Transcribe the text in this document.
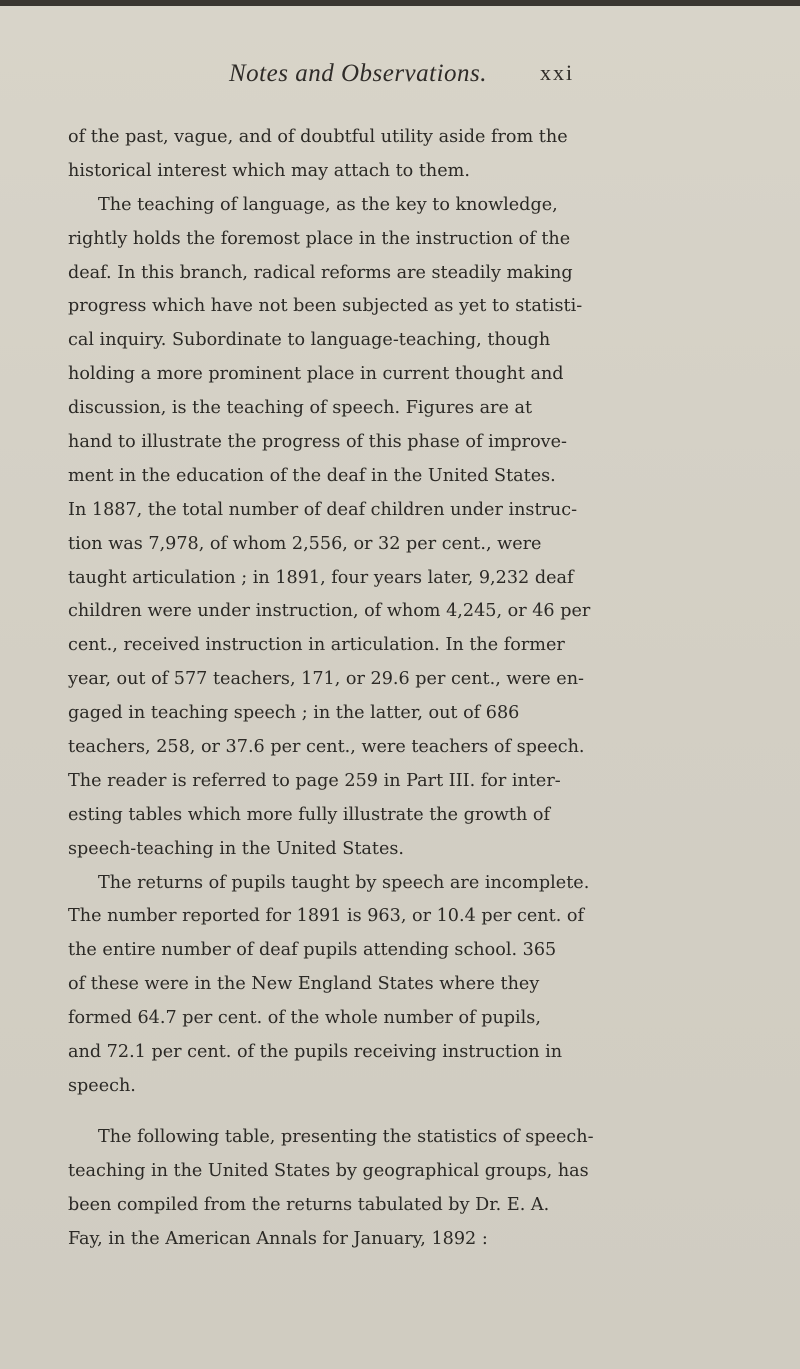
Notes and Observations. xxi
of the past, vague, and of doubtful utility aside from the
historical interest which may attach to them.
The teaching of language, as the key to knowledge,
rightly holds the foremost place in the instruction of the
deaf. In this branch, radical reforms are steadily making
progress which have not been subjected as yet to statisti-
cal inquiry. Subordinate to language-teaching, though
holding a more prominent place in current thought and
discussion, is the teaching of speech. Figures are at
hand to illustrate the progress of this phase of improve-
ment in the education of the deaf in the United States.
In 1887, the total number of deaf children under instruc-
tion was 7,978, of whom 2,556, or 32 per cent., were
taught articulation ; in 1891, four years later, 9,232 deaf
children were under instruction, of whom 4,245, or 46 per
cent., received instruction in articulation. In the former
year, out of 577 teachers, 171, or 29.6 per cent., were en-
gaged in teaching speech ; in the latter, out of 686
teachers, 258, or 37.6 per cent., were teachers of speech.
The reader is referred to page 259 in Part III. for inter-
esting tables which more fully illustrate the growth of
speech-teaching in the United States.
The returns of pupils taught by speech are incomplete.
The number reported for 1891 is 963, or 10.4 per cent. of
the entire number of deaf pupils attending school. 365
of these were in the New England States where they
formed 64.7 per cent. of the whole number of pupils,
and 72.1 per cent. of the pupils receiving instruction in
speech.
The following table, presenting the statistics of speech-
teaching in the United States by geographical groups, has
been compiled from the returns tabulated by Dr. E. A.
Fay, in the American Annals for January, 1892 :
